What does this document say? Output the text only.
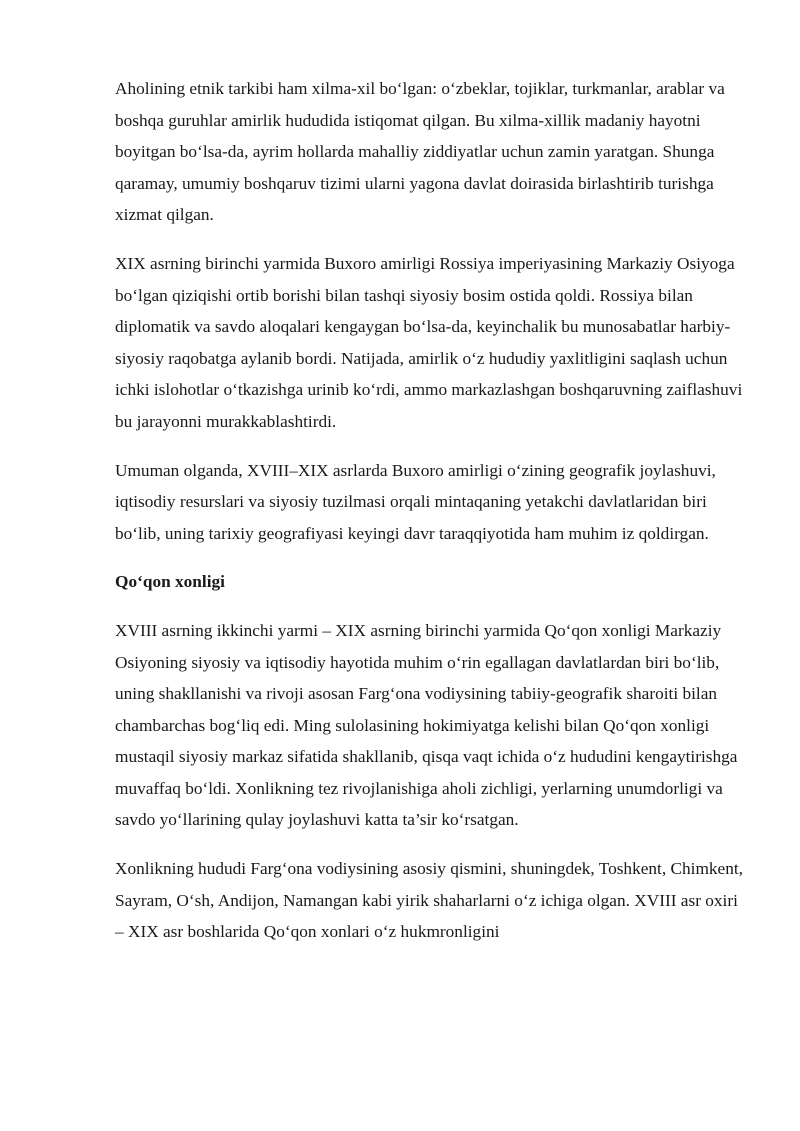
Aholining etnik tarkibi ham xilma-xil bo‘lgan: o‘zbeklar, tojiklar, turkmanlar, arablar va boshqa guruhlar amirlik hududida istiqomat qilgan. Bu xilma-xillik madaniy hayotni boyitgan bo‘lsa-da, ayrim hollarda mahalliy ziddiyatlar uchun zamin yaratgan. Shunga qaramay, umumiy boshqaruv tizimi ularni yagona davlat doirasida birlashtirib turishga xizmat qilgan.

XIX asrning birinchi yarmida Buxoro amirligi Rossiya imperiyasining Markaziy Osiyoga bo‘lgan qiziqishi ortib borishi bilan tashqi siyosiy bosim ostida qoldi. Rossiya bilan diplomatik va savdo aloqalari kengaygan bo‘lsa-da, keyinchalik bu munosabatlar harbiy-siyosiy raqobatga aylanib bordi. Natijada, amirlik o‘z hududiy yaxlitligini saqlash uchun ichki islohotlar o‘tkazishga urinib ko‘rdi, ammo markazlashgan boshqaruvning zaiflashuvi bu jarayonni murakkablashtirdi.

Umuman olganda, XVIII–XIX asrlarda Buxoro amirligi o‘zining geografik joylashuvi, iqtisodiy resurslari va siyosiy tuzilmasi orqali mintaqaning yetakchi davlatlaridan biri bo‘lib, uning tarixiy geografiyasi keyingi davr taraqqiyotida ham muhim iz qoldirgan.

Qo‘qon xonligi

XVIII asrning ikkinchi yarmi – XIX asrning birinchi yarmida Qo‘qon xonligi Markaziy Osiyoning siyosiy va iqtisodiy hayotida muhim o‘rin egallagan davlatlardan biri bo‘lib, uning shakllanishi va rivoji asosan Farg‘ona vodiysining tabiiy-geografik sharoiti bilan chambarchas bog‘liq edi. Ming sulolasining hokimiyatga kelishi bilan Qo‘qon xonligi mustaqil siyosiy markaz sifatida shakllanib, qisqa vaqt ichida o‘z hududini kengaytirishga muvaffaq bo‘ldi. Xonlikning tez rivojlanishiga aholi zichligi, yerlarning unumdorligi va savdo yo‘llarining qulay joylashuvi katta ta’sir ko‘rsatgan.

Xonlikning hududi Farg‘ona vodiysining asosiy qismini, shuningdek, Toshkent, Chimkent, Sayram, O‘sh, Andijon, Namangan kabi yirik shaharlarni o‘z ichiga olgan. XVIII asr oxiri – XIX asr boshlarida Qo‘qon xonlari o‘z hukmronligini
